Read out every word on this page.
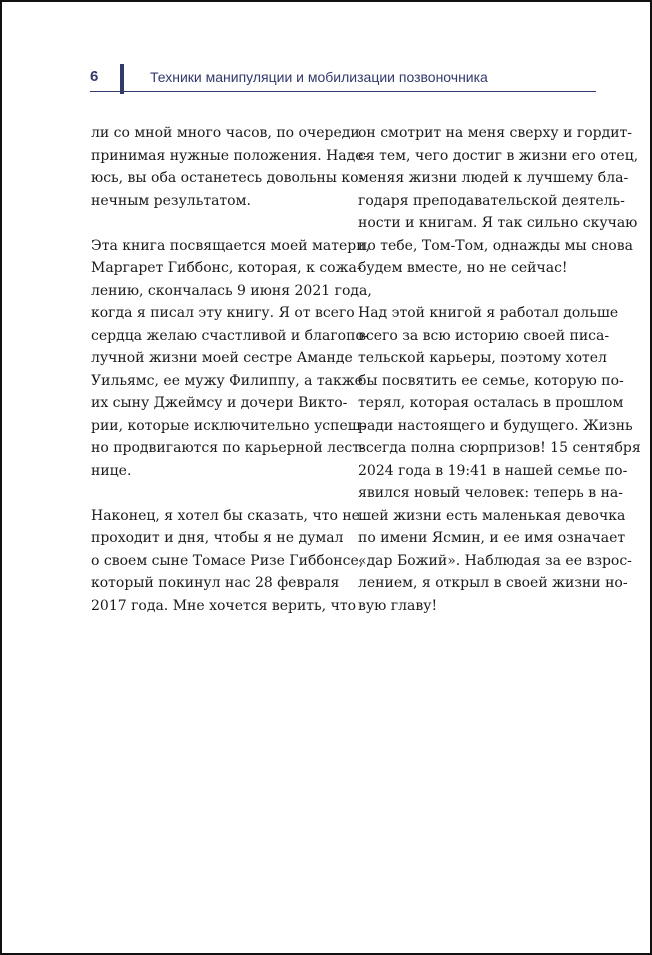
6	Техники манипуляции и мобилизации позвоночника
ли со мной много часов, по очереди
принимая нужные положения. Наде-
юсь, вы оба останетесь довольны ко-
нечным результатом.
Эта книга посвящается моей матери,
Маргарет Гиббонс, которая, к сожа-
лению, скончалась 9 июня 2021 года,
когда я писал эту книгу. Я от всего
сердца желаю счастливой и благопо-
лучной жизни моей сестре Аманде
Уильямс, ее мужу Филиппу, а также
их сыну Джеймсу и дочери Викто-
рии, которые исключительно успеш-
но продвигаются по карьерной лест-
нице.
Наконец, я хотел бы сказать, что не
проходит и дня, чтобы я не думал
о своем сыне Томасе Ризе Гиббонсе,
который покинул нас 28 февраля
2017 года. Мне хочется верить, что
он смотрит на меня сверху и гордит-
ся тем, чего достиг в жизни его отец,
меняя жизни людей к лучшему бла-
годаря преподавательской деятель-
ности и книгам. Я так сильно скучаю
по тебе, Том-Том, однажды мы снова
будем вместе, но не сейчас!
Над этой книгой я работал дольше
всего за всю историю своей писа-
тельской карьеры, поэтому хотел
бы посвятить ее семье, которую по-
терял, которая осталась в прошлом
ради настоящего и будущего. Жизнь
всегда полна сюрпризов! 15 сентября
2024 года в 19:41 в нашей семье по-
явился новый человек: теперь в на-
шей жизни есть маленькая девочка
по имени Ясмин, и ее имя означает
«дар Божий». Наблюдая за ее взрос-
лением, я открыл в своей жизни но-
вую главу!
